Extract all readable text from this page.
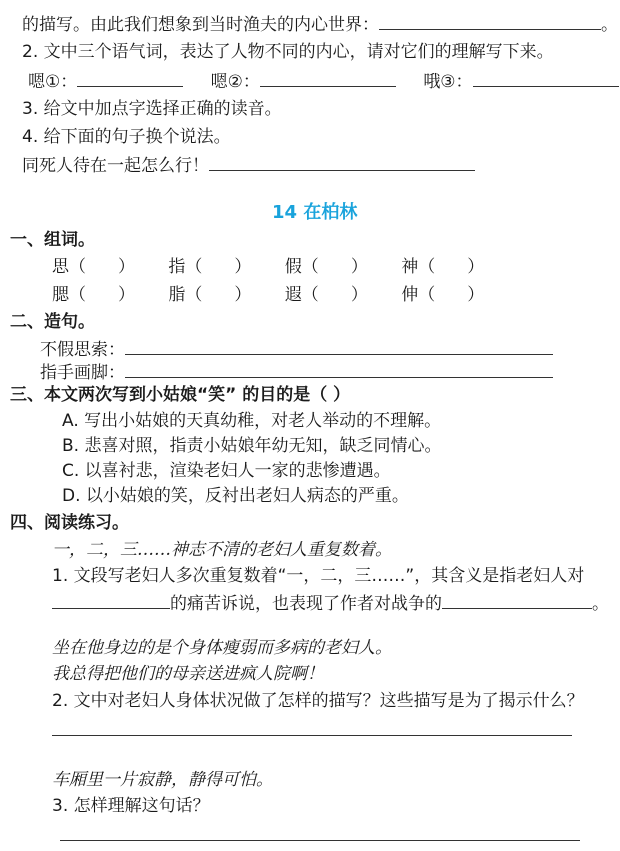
的描写。由此我们想象到当时渔夫的内心世界：	。
2. 文中三个语气词，表达了人物不同的内心，请对它们的理解写下来。
嗯①：	嗯②：	哦③：
3. 给文中加点字选择正确的读音。
4. 给下面的句子换个说法。
同死人待在一起怎么行！
14 在柏林
一、组词。
思（ ） 指（ ） 假（ ） 神（ ）
腮（ ） 脂（ ） 遐（ ） 伸（ ）
二、造句。
不假思索：
指手画脚：
三、本文两次写到小姑娘“笑” 的目的是（ ）
A. 写出小姑娘的天真幼稚，对老人举动的不理解。
B. 悲喜对照，指责小姑娘年幼无知，缺乏同情心。
C. 以喜衬悲，渲染老妇人一家的悲惨遭遇。
D. 以小姑娘的笑，反衬出老妇人病态的严重。
四、阅读练习。
一，二，三……神志不清的老妇人重复数着。
1. 文段写老妇人多次重复数着“一，二，三……”，其含义是指老妇人对
的痛苦诉说，也表现了作者对战争的	。
坐在他身边的是个身体瘦弱而多病的老妇人。
我总得把他们的母亲送进疯人院啊！
2. 文中对老妇人身体状况做了怎样的描写？这些描写是为了揭示什么？
车厢里一片寂静，静得可怕。
3. 怎样理解这句话？
